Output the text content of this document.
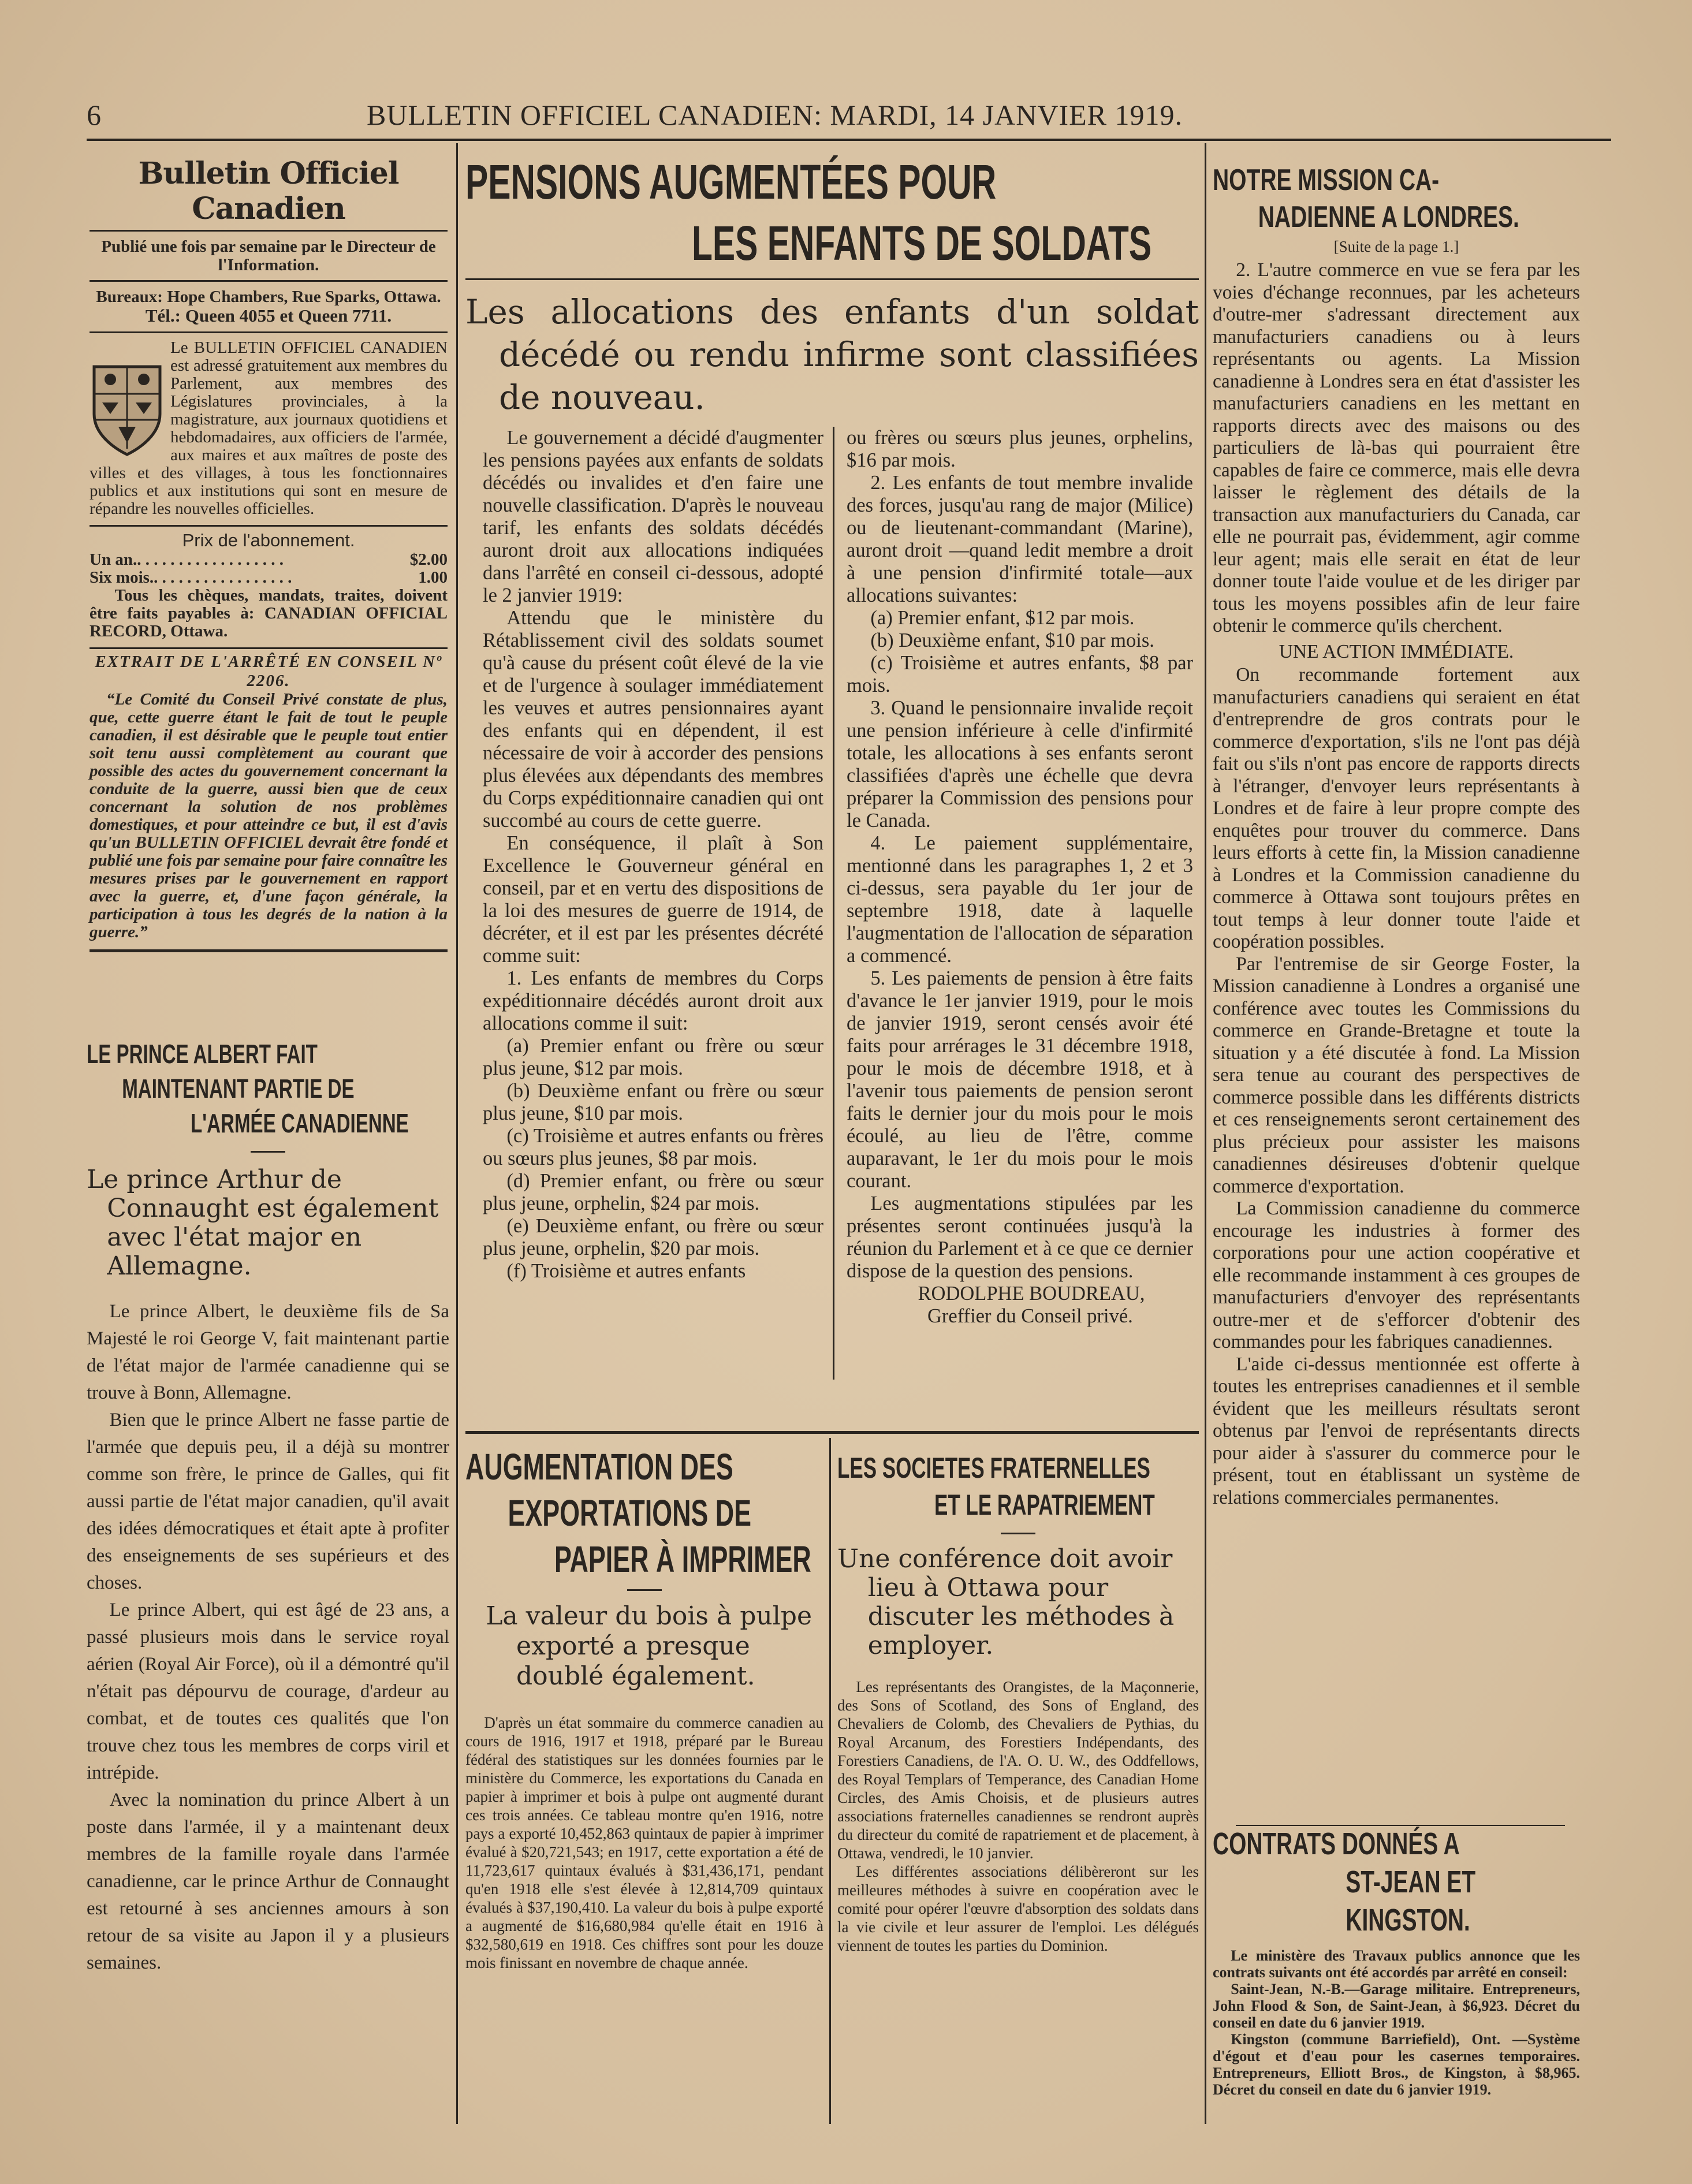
6	BULLETIN OFFICIEL CANADIEN: MARDI, 14 JANVIER 1919.
Bulletin Officiel Canadien
Publié une fois par semaine par le Directeur de l'Information.
Bureaux: Hope Chambers, Rue Sparks, Ottawa.
Tél.: Queen 4055 et Queen 7711.
Le BULLETIN OFFICIEL CANADIEN est adressé gratuitement aux membres du Parlement, aux membres des Législatures provinciales, à la magistrature, aux journaux quotidiens et hebdomadaires, aux officiers de l'armée, aux maires et aux maîtres de poste des villes et des villages, à tous les fonctionnaires publics et aux institutions qui sont en mesure de répandre les nouvelles officielles.
Prix de l'abonnement.
Un an.. . . . . . . . . . . . . . . . . .	$2.00
Six mois.. . . . . . . . . . . . . . . . .	1.00
Tous les chèques, mandats, traites, doivent être faits payables à: CANADIAN OFFICIAL RECORD, Ottawa.
EXTRAIT DE L'ARRÊTÉ EN CONSEIL Nº 2206.
“Le Comité du Conseil Privé constate de plus, que, cette guerre étant le fait de tout le peuple canadien, il est désirable que le peuple tout entier soit tenu aussi complètement au courant que possible des actes du gouvernement concernant la conduite de la guerre, aussi bien que de ceux concernant la solution de nos problèmes domestiques, et pour atteindre ce but, il est d'avis qu'un BULLETIN OFFICIEL devrait être fondé et publié une fois par semaine pour faire connaître les mesures prises par le gouvernement en rapport avec la guerre, et, d'une façon générale, la participation à tous les degrés de la nation à la guerre.”
LE PRINCE ALBERT FAIT
MAINTENANT PARTIE DE
L'ARMÉE CANADIENNE
Le prince Arthur de Connaught est également avec l'état major en Allemagne.

Le prince Albert, le deuxième fils de Sa Majesté le roi George V, fait maintenant partie de l'état major de l'armée canadienne qui se trouve à Bonn, Allemagne.

Bien que le prince Albert ne fasse partie de l'armée que depuis peu, il a déjà su montrer comme son frère, le prince de Galles, qui fit aussi partie de l'état major canadien, qu'il avait des idées démocratiques et était apte à profiter des enseignements de ses supérieurs et des choses.

Le prince Albert, qui est âgé de 23 ans, a passé plusieurs mois dans le service royal aérien (Royal Air Force), où il a démontré qu'il n'était pas dépourvu de courage, d'ardeur au combat, et de toutes ces qualités que l'on trouve chez tous les membres de corps viril et intrépide.

Avec la nomination du prince Albert à un poste dans l'armée, il y a maintenant deux membres de la famille royale dans l'armée canadienne, car le prince Arthur de Connaught est retourné à ses anciennes amours à son retour de sa visite au Japon il y a plusieurs semaines.

PENSIONS AUGMENTÉES POUR
LES ENFANTS DE SOLDATS
Les allocations des enfants d'un soldat décédé ou rendu infirme sont classifiées de nouveau.

Le gouvernement a décidé d'augmenter les pensions payées aux enfants de soldats décédés ou invalides et d'en faire une nouvelle classification. D'après le nouveau tarif, les enfants des soldats décédés auront droit aux allocations indiquées dans l'arrêté en conseil ci-dessous, adopté le 2 janvier 1919:

Attendu que le ministère du Rétablissement civil des soldats soumet qu'à cause du présent coût élevé de la vie et de l'urgence à soulager immédiatement les veuves et autres pensionnaires ayant des enfants qui en dépendent, il est nécessaire de voir à accorder des pensions plus élevées aux dépendants des membres du Corps expéditionnaire canadien qui ont succombé au cours de cette guerre.

En conséquence, il plaît à Son Excellence le Gouverneur général en conseil, par et en vertu des dispositions de la loi des mesures de guerre de 1914, de décréter, et il est par les présentes décrété comme suit:

1. Les enfants de membres du Corps expéditionnaire décédés auront droit aux allocations comme il suit:

(a) Premier enfant ou frère ou sœur plus jeune, $12 par mois.

(b) Deuxième enfant ou frère ou sœur plus jeune, $10 par mois.

(c) Troisième et autres enfants ou frères ou sœurs plus jeunes, $8 par mois.

(d) Premier enfant, ou frère ou sœur plus jeune, orphelin, $24 par mois.

(e) Deuxième enfant, ou frère ou sœur plus jeune, orphelin, $20 par mois.

(f) Troisième et autres enfants

ou frères ou sœurs plus jeunes, orphelins, $16 par mois.

2. Les enfants de tout membre invalide des forces, jusqu'au rang de major (Milice) ou de lieutenant-commandant (Marine), auront droit —quand ledit membre a droit à une pension d'infirmité totale—aux allocations suivantes:

(a) Premier enfant, $12 par mois.

(b) Deuxième enfant, $10 par mois.

(c) Troisième et autres enfants, $8 par mois.

3. Quand le pensionnaire invalide reçoit une pension inférieure à celle d'infirmité totale, les allocations à ses enfants seront classifiées d'après une échelle que devra préparer la Commission des pensions pour le Canada.

4. Le paiement supplémentaire, mentionné dans les paragraphes 1, 2 et 3 ci-dessus, sera payable du 1er jour de septembre 1918, date à laquelle l'augmentation de l'allocation de séparation a commencé.

5. Les paiements de pension à être faits d'avance le 1er janvier 1919, pour le mois de janvier 1919, seront censés avoir été faits pour arrérages le 31 décembre 1918, pour le mois de décembre 1918, et à l'avenir tous paiements de pension seront faits le dernier jour du mois pour le mois écoulé, au lieu de l'être, comme auparavant, le 1er du mois pour le mois courant.

Les augmentations stipulées par les présentes seront continuées jusqu'à la réunion du Parlement et à ce que ce dernier dispose de la question des pensions.

RODOLPHE BOUDREAU,
Greffier du Conseil privé.
AUGMENTATION DES
EXPORTATIONS DE
PAPIER À IMPRIMER
La valeur du bois à pulpe exporté a presque doublé également.

D'après un état sommaire du commerce canadien au cours de 1916, 1917 et 1918, préparé par le Bureau fédéral des statistiques sur les données fournies par le ministère du Commerce, les exportations du Canada en papier à imprimer et bois à pulpe ont augmenté durant ces trois années. Ce tableau montre qu'en 1916, notre pays a exporté 10,452,863 quintaux de papier à imprimer évalué à $20,721,543; en 1917, cette exportation a été de 11,723,617 quintaux évalués à $31,436,171, pendant qu'en 1918 elle s'est élevée à 12,814,709 quintaux évalués à $37,190,410. La valeur du bois à pulpe exporté a augmenté de $16,680,984 qu'elle était en 1916 à $32,580,619 en 1918. Ces chiffres sont pour les douze mois finissant en novembre de chaque année.

LES SOCIETES FRATERNELLES
ET LE RAPATRIEMENT
Une conférence doit avoir lieu à Ottawa pour discuter les méthodes à employer.

Les représentants des Orangistes, de la Maçonnerie, des Sons of Scotland, des Sons of England, des Chevaliers de Colomb, des Chevaliers de Pythias, du Royal Arcanum, des Forestiers Indépendants, des Forestiers Canadiens, de l'A. O. U. W., des Oddfellows, des Royal Templars of Temperance, des Canadian Home Circles, des Amis Choisis, et de plusieurs autres associations fraternelles canadiennes se rendront auprès du directeur du comité de rapatriement et de placement, à Ottawa, vendredi, le 10 janvier.

Les différentes associations délibèreront sur les meilleures méthodes à suivre en coopération avec le comité pour opérer l'œuvre d'absorption des soldats dans la vie civile et leur assurer de l'emploi. Les délégués viennent de toutes les parties du Dominion.

NOTRE MISSION CA-
NADIENNE A LONDRES.
[Suite de la page 1.]

2. L'autre commerce en vue se fera par les voies d'échange reconnues, par les acheteurs d'outre-mer s'adressant directement aux manufacturiers canadiens ou à leurs représentants ou agents. La Mission canadienne à Londres sera en état d'assister les manufacturiers canadiens en les mettant en rapports directs avec des maisons ou des particuliers de là-bas qui pourraient être capables de faire ce commerce, mais elle devra laisser le règlement des détails de la transaction aux manufacturiers du Canada, car elle ne pourrait pas, évidemment, agir comme leur agent; mais elle serait en état de leur donner toute l'aide voulue et de les diriger par tous les moyens possibles afin de leur faire obtenir le commerce qu'ils cherchent.

UNE ACTION IMMÉDIATE.

On recommande fortement aux manufacturiers canadiens qui seraient en état d'entreprendre de gros contrats pour le commerce d'exportation, s'ils ne l'ont pas déjà fait ou s'ils n'ont pas encore de rapports directs à l'étranger, d'envoyer leurs représentants à Londres et de faire à leur propre compte des enquêtes pour trouver du commerce. Dans leurs efforts à cette fin, la Mission canadienne à Londres et la Commission canadienne du commerce à Ottawa sont toujours prêtes en tout temps à leur donner toute l'aide et coopération possibles.

Par l'entremise de sir George Foster, la Mission canadienne à Londres a organisé une conférence avec toutes les Commissions du commerce en Grande-Bretagne et toute la situation y a été discutée à fond. La Mission sera tenue au courant des perspectives de commerce possible dans les différents districts et ces renseignements seront certainement des plus précieux pour assister les maisons canadiennes désireuses d'obtenir quelque commerce d'exportation.

La Commission canadienne du commerce encourage les industries à former des corporations pour une action coopérative et elle recommande instamment à ces groupes de manufacturiers d'envoyer des représentants outre-mer et de s'efforcer d'obtenir des commandes pour les fabriques canadiennes.

L'aide ci-dessus mentionnée est offerte à toutes les entreprises canadiennes et il semble évident que les meilleurs résultats seront obtenus par l'envoi de représentants directs pour aider à s'assurer du commerce pour le présent, tout en établissant un système de relations commerciales permanentes.

CONTRATS DONNÉS A
ST-JEAN ET KINGSTON.

Le ministère des Travaux publics annonce que les contrats suivants ont été accordés par arrêté en conseil:

Saint-Jean, N.-B.—Garage militaire. Entrepreneurs, John Flood & Son, de Saint-Jean, à $6,923. Décret du conseil en date du 6 janvier 1919.

Kingston (commune Barriefield), Ont. —Système d'égout et d'eau pour les casernes temporaires. Entrepreneurs, Elliott Bros., de Kingston, à $8,965. Décret du conseil en date du 6 janvier 1919.
